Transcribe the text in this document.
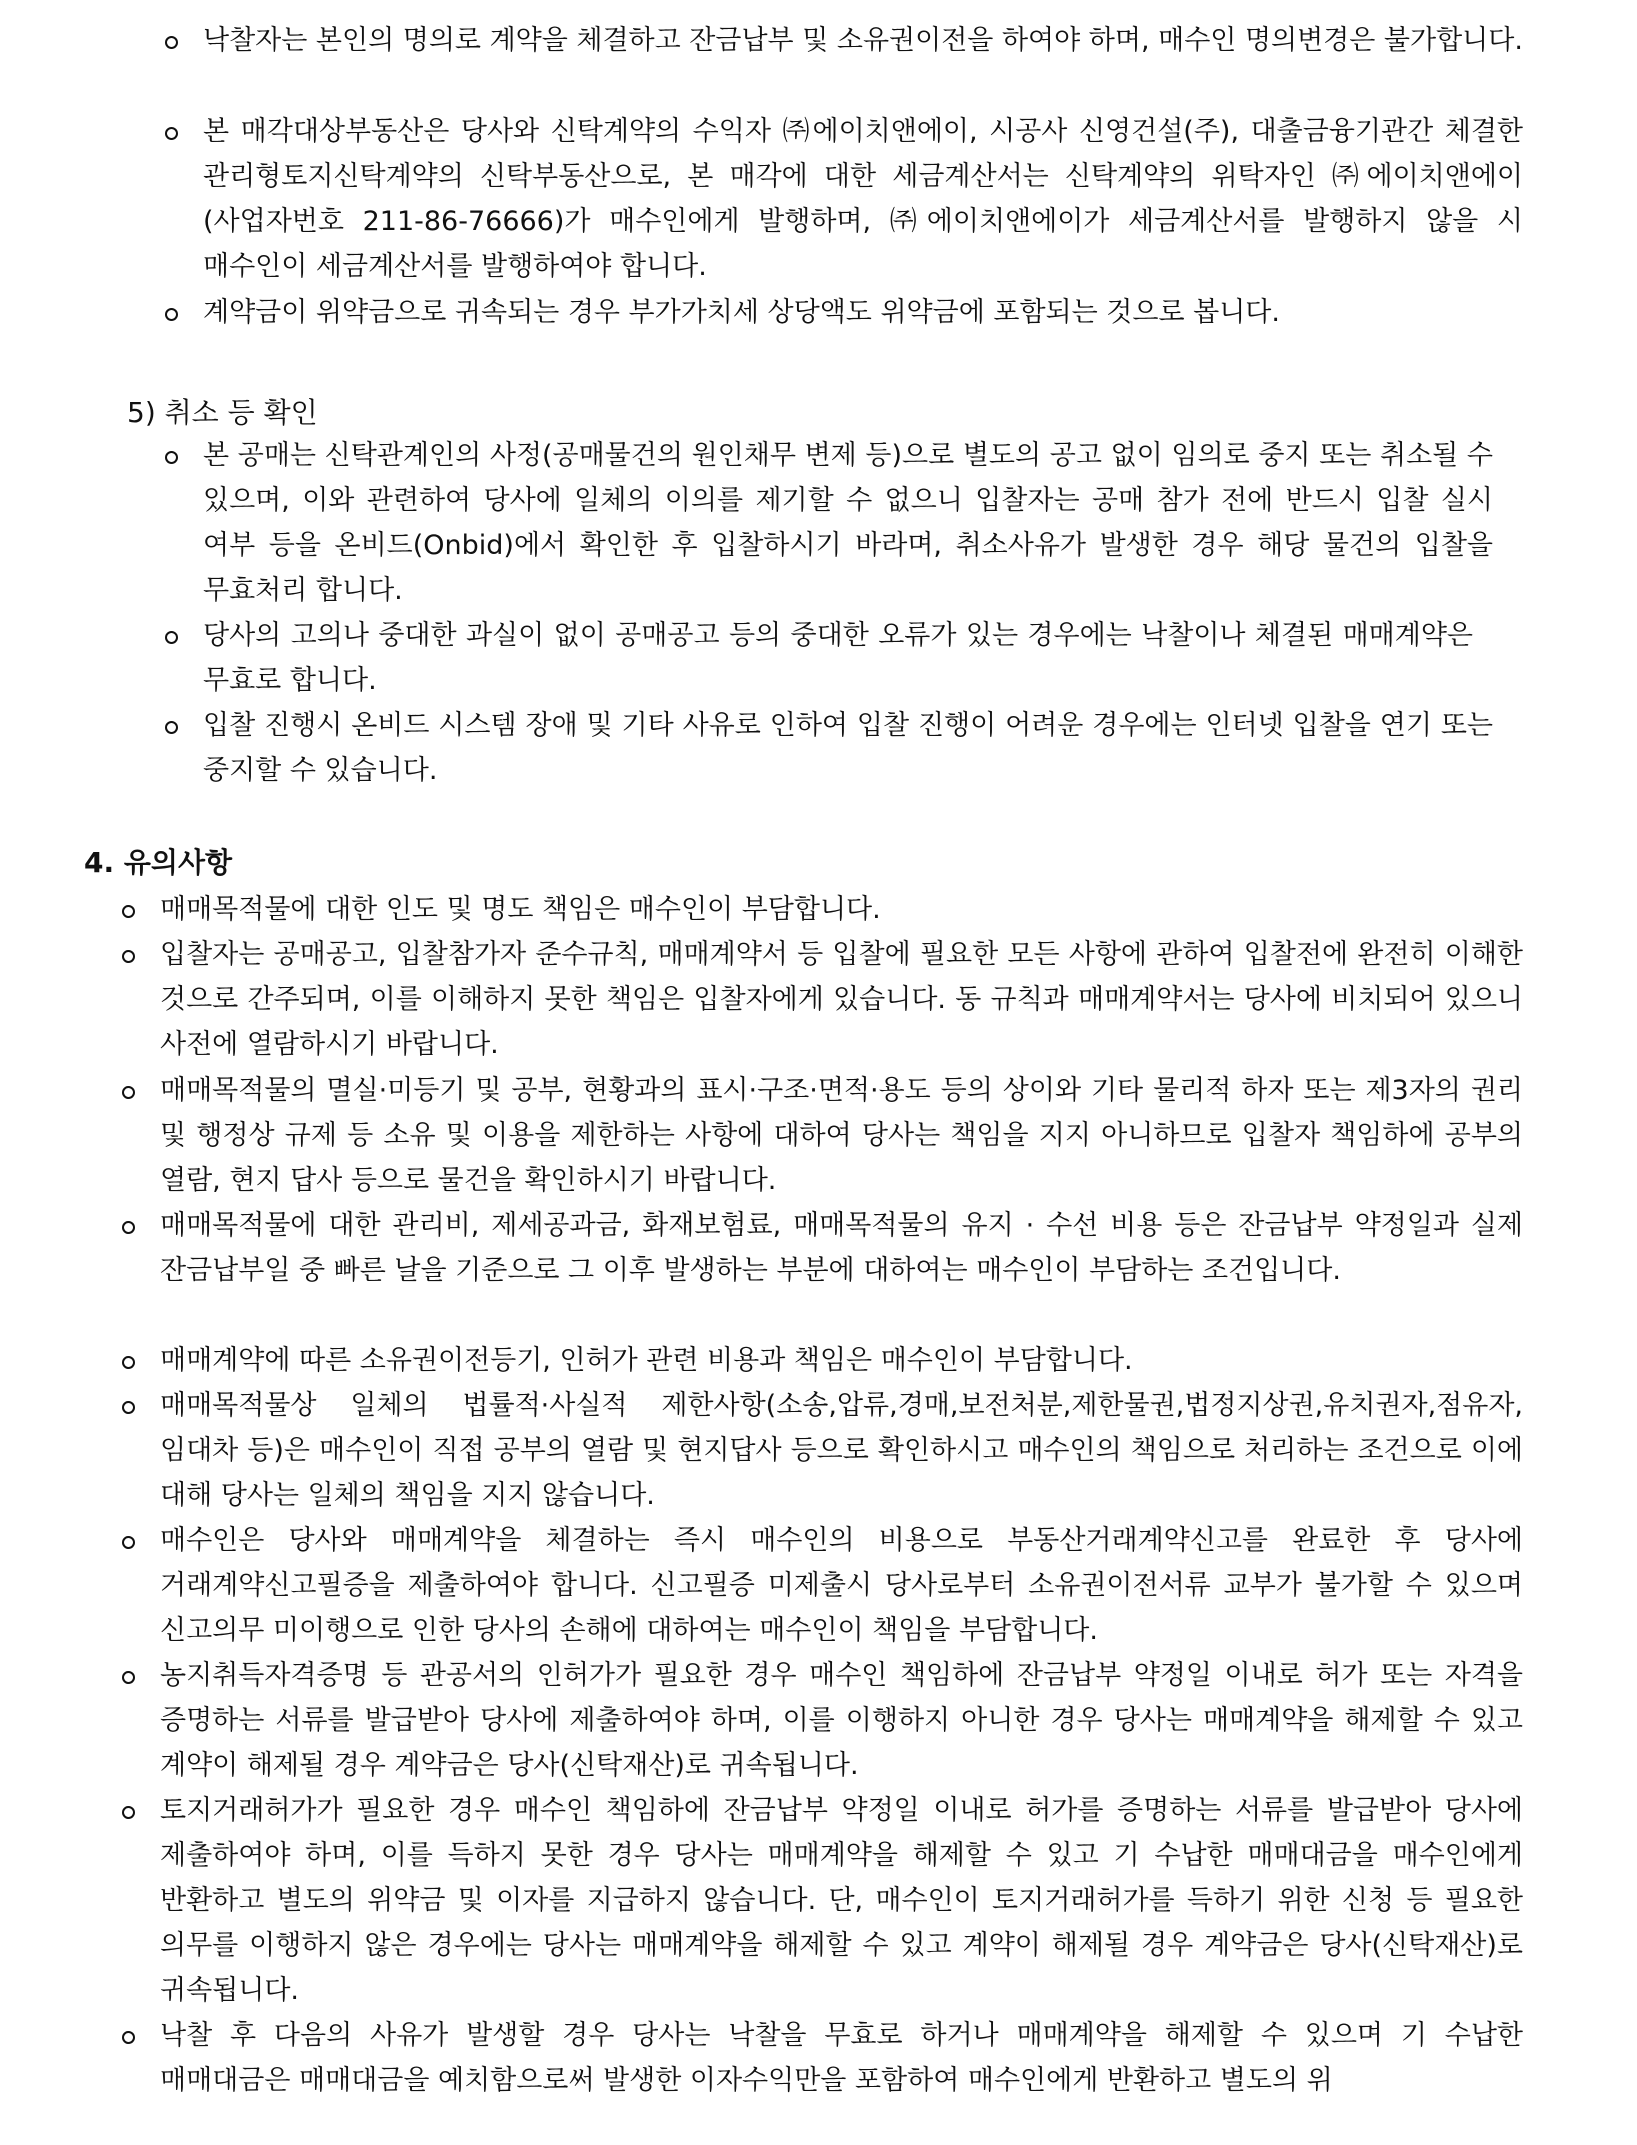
낙찰자는 본인의 명의로 계약을 체결하고 잔금납부 및 소유권이전을 하여야 하며, 매수인 명의변경은 불가합니다.
본 매각대상부동산은 당사와 신탁계약의 수익자 ㈜에이치앤에이, 시공사 신영건설(주), 대출금융기관간 체결한 관리형토지신탁계약의 신탁부동산으로, 본 매각에 대한 세금계산서는 신탁계약의 위탁자인 ㈜에이치앤에이(사업자번호 211-86-76666)가 매수인에게 발행하며, ㈜에이치앤에이가 세금계산서를 발행하지 않을 시 매수인이 세금계산서를 발행하여야 합니다.
계약금이 위약금으로 귀속되는 경우 부가가치세 상당액도 위약금에 포함되는 것으로 봅니다.
5) 취소 등 확인
본 공매는 신탁관계인의 사정(공매물건의 원인채무 변제 등)으로 별도의 공고 없이 임의로 중지 또는 취소될 수 있으며, 이와 관련하여 당사에 일체의 이의를 제기할 수 없으니 입찰자는 공매 참가 전에 반드시 입찰 실시 여부 등을 온비드(Onbid)에서 확인한 후 입찰하시기 바라며, 취소사유가 발생한 경우 해당 물건의 입찰을 무효처리 합니다.
당사의 고의나 중대한 과실이 없이 공매공고 등의 중대한 오류가 있는 경우에는 낙찰이나 체결된 매매계약은 무효로 합니다.
입찰 진행시 온비드 시스템 장애 및 기타 사유로 인하여 입찰 진행이 어려운 경우에는 인터넷 입찰을 연기 또는 중지할 수 있습니다.
4. 유의사항
매매목적물에 대한 인도 및 명도 책임은 매수인이 부담합니다.
입찰자는 공매공고, 입찰참가자 준수규칙, 매매계약서 등 입찰에 필요한 모든 사항에 관하여 입찰전에 완전히 이해한 것으로 간주되며, 이를 이해하지 못한 책임은 입찰자에게 있습니다. 동 규칙과 매매계약서는 당사에 비치되어 있으니 사전에 열람하시기 바랍니다.
매매목적물의 멸실·미등기 및 공부, 현황과의 표시·구조·면적·용도 등의 상이와 기타 물리적 하자 또는 제3자의 권리 및 행정상 규제 등 소유 및 이용을 제한하는 사항에 대하여 당사는 책임을 지지 아니하므로 입찰자 책임하에 공부의 열람, 현지 답사 등으로 물건을 확인하시기 바랍니다.
매매목적물에 대한 관리비, 제세공과금, 화재보험료, 매매목적물의 유지 · 수선 비용 등은 잔금납부 약정일과 실제 잔금납부일 중 빠른 날을 기준으로 그 이후 발생하는 부분에 대하여는 매수인이 부담하는 조건입니다.
매매계약에 따른 소유권이전등기, 인허가 관련 비용과 책임은 매수인이 부담합니다.
매매목적물상 일체의 법률적·사실적 제한사항(소송,압류,경매,보전처분,제한물권,법정지상권,유치권자,점유자,임대차 등)은 매수인이 직접 공부의 열람 및 현지답사 등으로 확인하시고 매수인의 책임으로 처리하는 조건으로 이에 대해 당사는 일체의 책임을 지지 않습니다.
매수인은 당사와 매매계약을 체결하는 즉시 매수인의 비용으로 부동산거래계약신고를 완료한 후 당사에 거래계약신고필증을 제출하여야 합니다. 신고필증 미제출시 당사로부터 소유권이전서류 교부가 불가할 수 있으며 신고의무 미이행으로 인한 당사의 손해에 대하여는 매수인이 책임을 부담합니다.
농지취득자격증명 등 관공서의 인허가가 필요한 경우 매수인 책임하에 잔금납부 약정일 이내로 허가 또는 자격을 증명하는 서류를 발급받아 당사에 제출하여야 하며, 이를 이행하지 아니한 경우 당사는 매매계약을 해제할 수 있고 계약이 해제될 경우 계약금은 당사(신탁재산)로 귀속됩니다.
토지거래허가가 필요한 경우 매수인 책임하에 잔금납부 약정일 이내로 허가를 증명하는 서류를 발급받아 당사에 제출하여야 하며, 이를 득하지 못한 경우 당사는 매매계약을 해제할 수 있고 기 수납한 매매대금을 매수인에게 반환하고 별도의 위약금 및 이자를 지급하지 않습니다. 단, 매수인이 토지거래허가를 득하기 위한 신청 등 필요한 의무를 이행하지 않은 경우에는 당사는 매매계약을 해제할 수 있고 계약이 해제될 경우 계약금은 당사(신탁재산)로 귀속됩니다.
낙찰 후 다음의 사유가 발생할 경우 당사는 낙찰을 무효로 하거나 매매계약을 해제할 수 있으며 기 수납한 매매대금은 매매대금을 예치함으로써 발생한 이자수익만을 포함하여 매수인에게 반환하고 별도의 위
